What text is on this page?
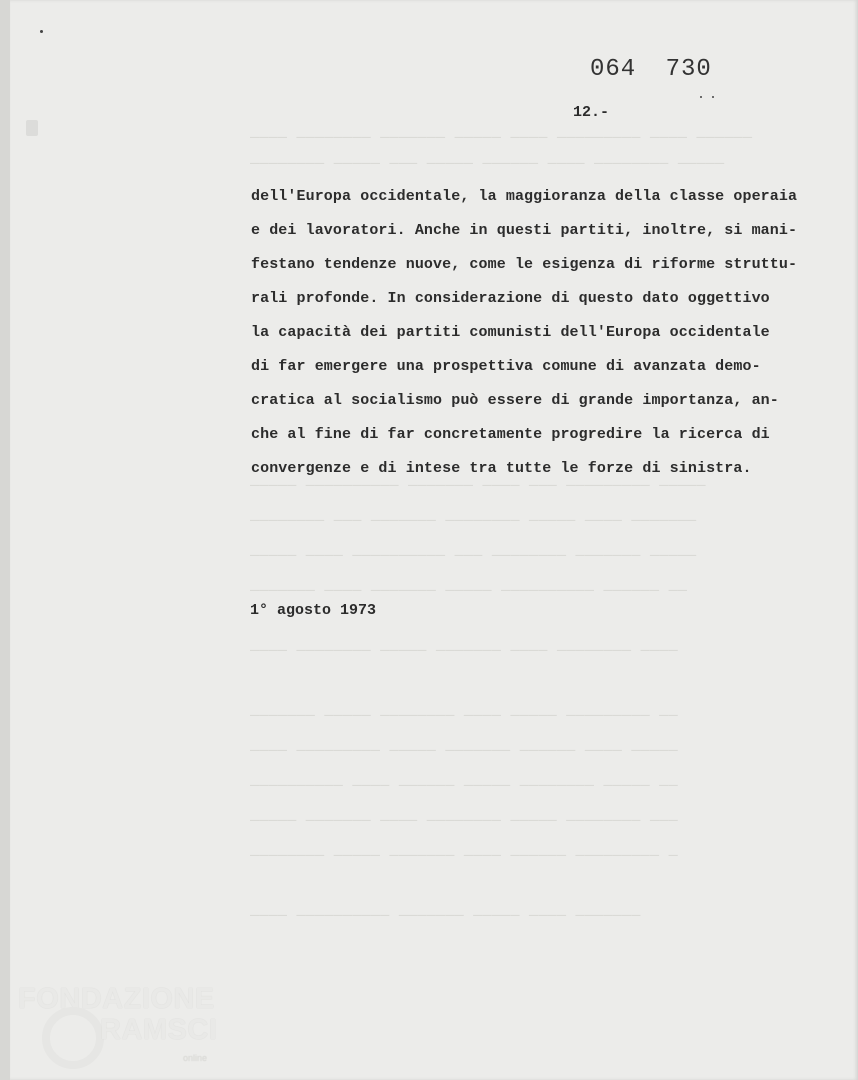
──── ──────── ─────── ───── ──── ───────── ──── ──────
──────── ───── ─── ───── ────── ──── ──────── ─────
───── ────────── ─────── ──── ─── ───────── ─────
──────── ─── ─────── ──────── ───── ──── ───────
───── ──── ────────── ─── ──────── ─────── ─────
─────── ──── ─────── ───── ────────── ────── ──
──── ──────── ───── ─────── ──── ──────── ────
─────── ───── ──────── ──── ───── ───────── ──
──── ───────── ───── ─────── ────── ──── ─────
────────── ──── ────── ───── ──────── ───── ──
───── ─────── ──── ──────── ───── ──────── ───
──────── ───── ─────── ──── ────── ───────── ─
──── ────────── ─────── ───── ──── ───────
064 730
12.-
dell'Europa occidentale, la maggioranza della classe operaia
e dei lavoratori. Anche in questi partiti, inoltre, si mani-
festano tendenze nuove, come le esigenza di riforme struttu-
rali profonde. In considerazione di questo dato oggettivo
la capacità dei partiti comunisti dell'Europa occidentale
di far emergere una prospettiva comune di avanzata demo-
cratica al socialismo può essere di grande importanza, an-
che al fine di far concretamente progredire la ricerca di
convergenze e di intese tra tutte le forze di sinistra.
1° agosto 1973
FONDAZIONE
RAMSCI
online
